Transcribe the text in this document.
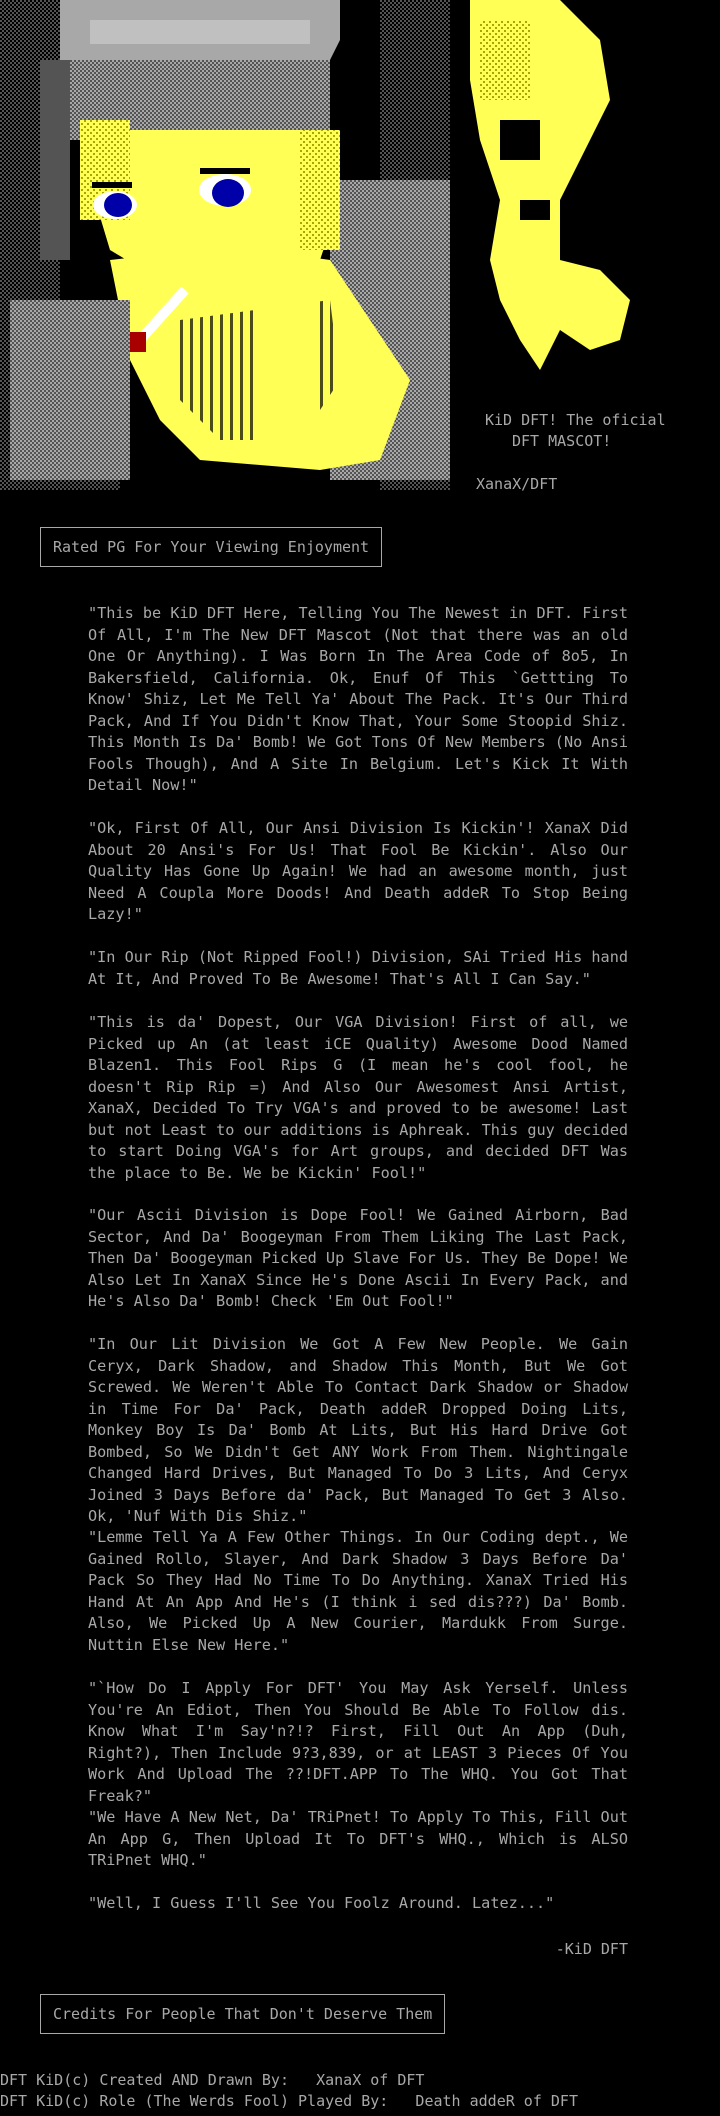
KiD DFT! The oficial
DFT MASCOT!
XanaX/DFT
Rated PG For Your Viewing Enjoyment

"This be KiD DFT Here, Telling You The Newest in DFT. First Of All, I'm The New DFT Mascot (Not that there was an old One Or Anything). I Was Born In The Area Code of 8o5, In Bakersfield, California. Ok, Enuf Of This `Gettting To Know' Shiz, Let Me Tell Ya' About The Pack. It's Our Third Pack, And If You Didn't Know That, Your Some Stoopid Shiz. This Month Is Da' Bomb! We Got Tons Of New Members (No Ansi Fools Though), And A Site In Belgium. Let's Kick It With Detail Now!"

"Ok, First Of All, Our Ansi Division Is Kickin'! XanaX Did About 20 Ansi's For Us! That Fool Be Kickin'. Also Our Quality Has Gone Up Again! We had an awesome month, just Need A Coupla More Doods! And Death addeR To Stop Being Lazy!"

"In Our Rip (Not Ripped Fool!) Division, SAi Tried His hand At It, And Proved To Be Awesome! That's All I Can Say."

"This is da' Dopest, Our VGA Division! First of all, we Picked up An (at least iCE Quality) Awesome Dood Named Blazen1. This Fool Rips G (I mean he's cool fool, he doesn't Rip Rip =) And Also Our Awesomest Ansi Artist, XanaX, Decided To Try VGA's and proved to be awesome! Last but not Least to our additions is Aphreak. This guy decided to start Doing VGA's for Art groups, and decided DFT Was the place to Be. We be Kickin' Fool!"

"Our Ascii Division is Dope Fool! We Gained Airborn, Bad Sector, And Da' Boogeyman From Them Liking The Last Pack, Then Da' Boogeyman Picked Up Slave For Us. They Be Dope! We Also Let In XanaX Since He's Done Ascii In Every Pack, and He's Also Da' Bomb! Check 'Em Out Fool!"

"In Our Lit Division We Got A Few New People. We Gain Ceryx, Dark Shadow, and Shadow This Month, But We Got Screwed. We Weren't Able To Contact Dark Shadow or Shadow in Time For Da' Pack, Death addeR Dropped Doing Lits, Monkey Boy Is Da' Bomb At Lits, But His Hard Drive Got Bombed, So We Didn't Get ANY Work From Them. Nightingale Changed Hard Drives, But Managed To Do 3 Lits, And Ceryx Joined 3 Days Before da' Pack, But Managed To Get 3 Also. Ok, 'Nuf With Dis Shiz."

"Lemme Tell Ya A Few Other Things. In Our Coding dept., We Gained Rollo, Slayer, And Dark Shadow 3 Days Before Da' Pack So They Had No Time To Do Anything. XanaX Tried His Hand At An App And He's (I think i sed dis???) Da' Bomb. Also, We Picked Up A New Courier, Mardukk From Surge. Nuttin Else New Here."

"`How Do I Apply For DFT' You May Ask Yerself. Unless You're An Ediot, Then You Should Be Able To Follow dis. Know What I'm Say'n?!? First, Fill Out An App (Duh, Right?), Then Include 9?3,839, or at LEAST 3 Pieces Of You Work And Upload The ??!DFT.APP To The WHQ. You Got That Freak?"

"We Have A New Net, Da' TRiPnet! To Apply To This, Fill Out An App G, Then Upload It To DFT's WHQ., Which is ALSO TRiPnet WHQ."

"Well, I Guess I'll See You Foolz Around. Latez..."

-KiD DFT
Credits For People That Don't Deserve Them
DFT KiD(c) Created AND Drawn By:   XanaX of DFT
DFT KiD(c) Role (The Werds Fool) Played By:   Death addeR of DFT
